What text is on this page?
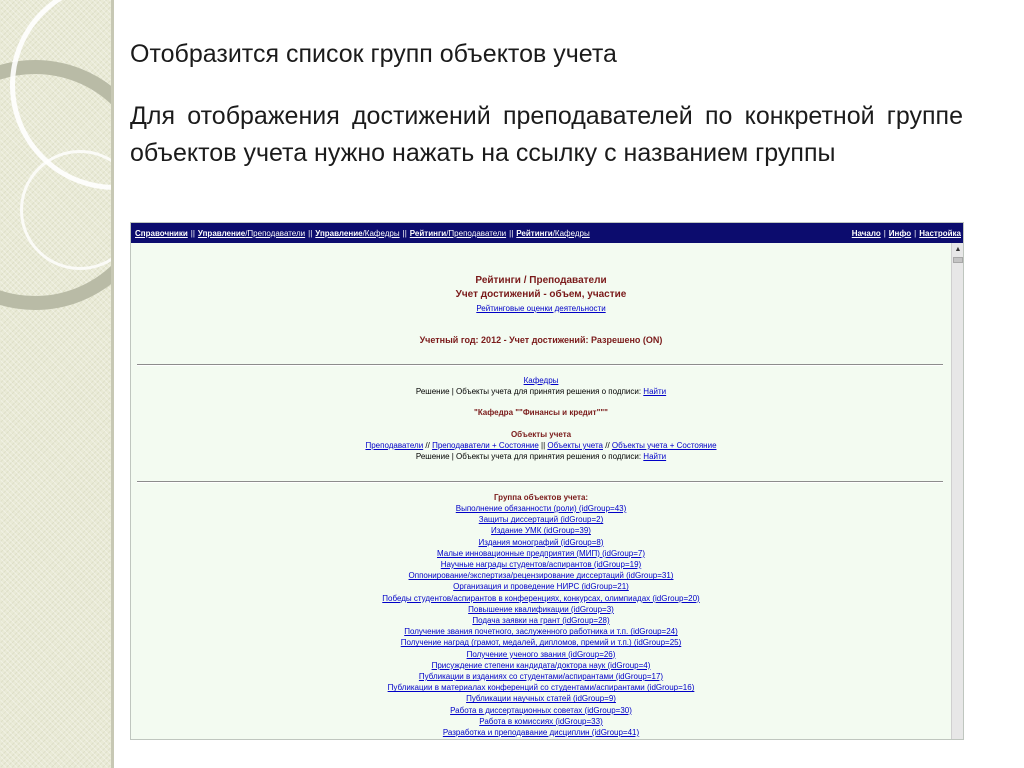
Отобразится список групп объектов учета
Для отображения достижений преподавателей по конкретной группе объектов учета нужно нажать на ссылку с названием группы
Справочники || Управление /Преподаватели || Управление /Кафедры || Рейтинги /Преподаватели || Рейтинги /Кафедры	Начало | Инфо | Настройка
Рейтинги / Преподаватели
Учет достижений - объем, участие
Рейтинговые оценки деятельности
Учетный год: 2012 - Учет достижений: Разрешено (ON)
Кафедры
Решение | Объекты учета для принятия решения о подписи: Найти
"Кафедра ""Финансы и кредит"""
Объекты учета
Преподаватели // Преподаватели + Состояние || Объекты учета // Объекты учета + Состояние
Решение | Объекты учета для принятия решения о подписи: Найти
Группа объектов учета:
Выполнение обязанности (роли) (idGroup=43)
Защиты диссертаций (idGroup=2)
Издание УМК (idGroup=39)
Издания монографий (idGroup=8)
Малые инновационные предприятия (МИП) (idGroup=7)
Научные награды студентов/аспирантов (idGroup=19)
Оппонирование/экспертиза/рецензирование диссертаций (idGroup=31)
Организация и проведение НИРС (idGroup=21)
Победы студентов/аспирантов в конференциях, конкурсах, олимпиадах (idGroup=20)
Повышение квалификации (idGroup=3)
Подача заявки на грант (idGroup=28)
Получение звания почетного, заслуженного работника и т.п. (idGroup=24)
Получение наград (грамот, медалей, дипломов, премий и т.п.) (idGroup=25)
Получение ученого звания (idGroup=26)
Присуждение степени кандидата/доктора наук (idGroup=4)
Публикации в изданиях со студентами/аспирантами (idGroup=17)
Публикации в материалах конференций со студентами/аспирантами (idGroup=16)
Публикации научных статей (idGroup=9)
Работа в диссертационных советах (idGroup=30)
Работа в комиссиях (idGroup=33)
Разработка и преподавание дисциплин (idGroup=41)
▲
